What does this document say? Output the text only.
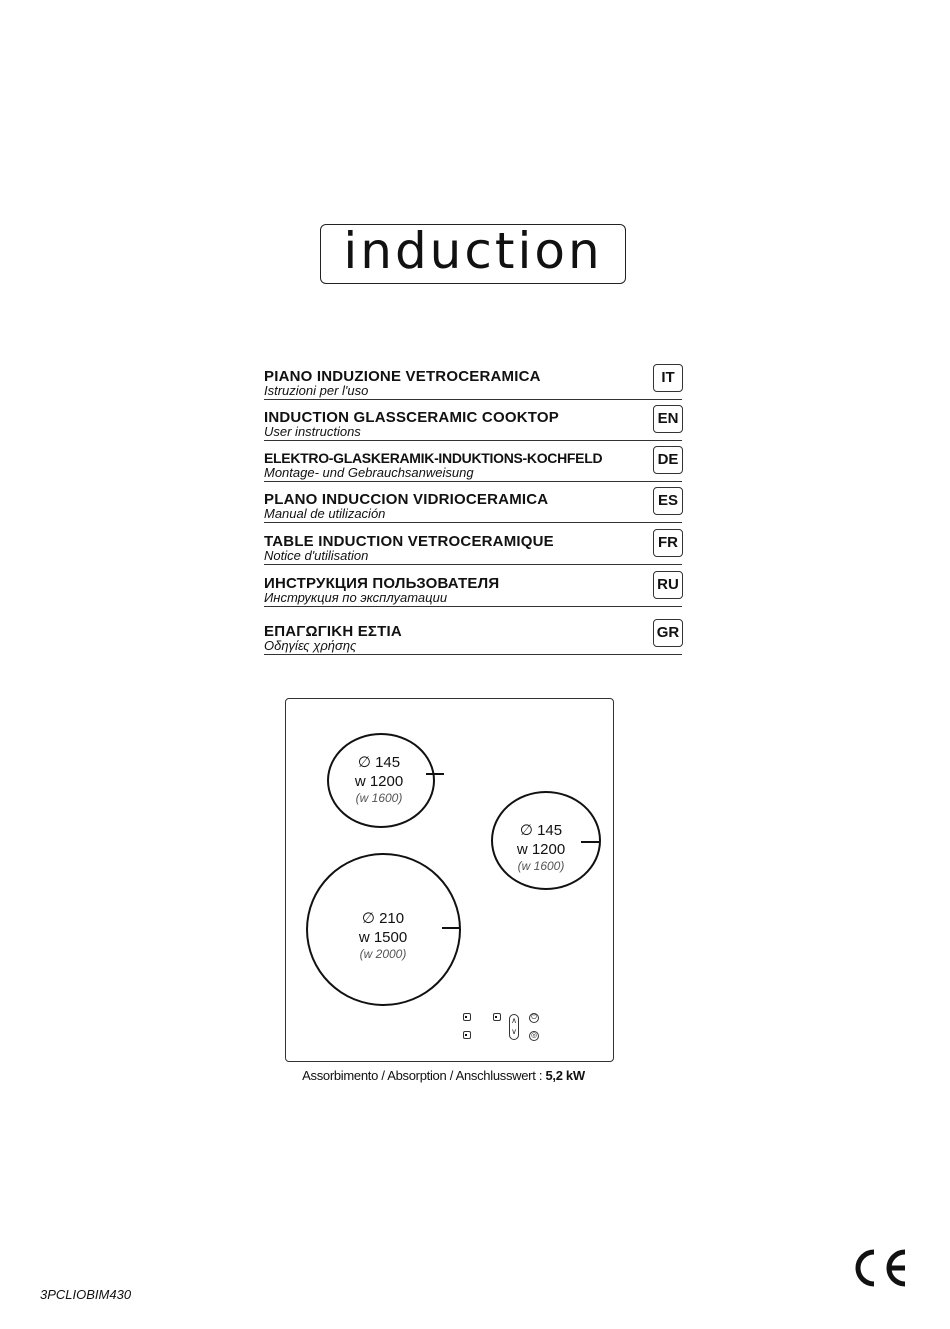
induction
PIANO INDUZIONE VETROCERAMICA
Istruzioni per l'uso
IT
INDUCTION GLASSCERAMIC COOKTOP
User instructions
EN
ELEKTRO-GLASKERAMIK-INDUKTIONS-KOCHFELD
Montage- und Gebrauchsanweisung
DE
PLANO INDUCCION VIDRIOCERAMICA
Manual de utilización
ES
TABLE INDUCTION VETROCERAMIQUE
Notice d'utilisation
FR
ИНСТРУКЦИЯ ПОЛЬЗОВАТЕЛЯ
Инструкция по эксплуатации
RU
ΕΠΑΓΩΓΙΚΗ ΕΣΤΙΑ
Οδηγίες χρήσης
GR
∅ 145
w 1200
(w 1600)
∅ 145
w 1200
(w 1600)
∅ 210
w 1500
(w 2000)
∧
∨
⏻
◎
Assorbimento / Absorption / Anschlusswert : 5,2 kW
3PCLIOBIM430
